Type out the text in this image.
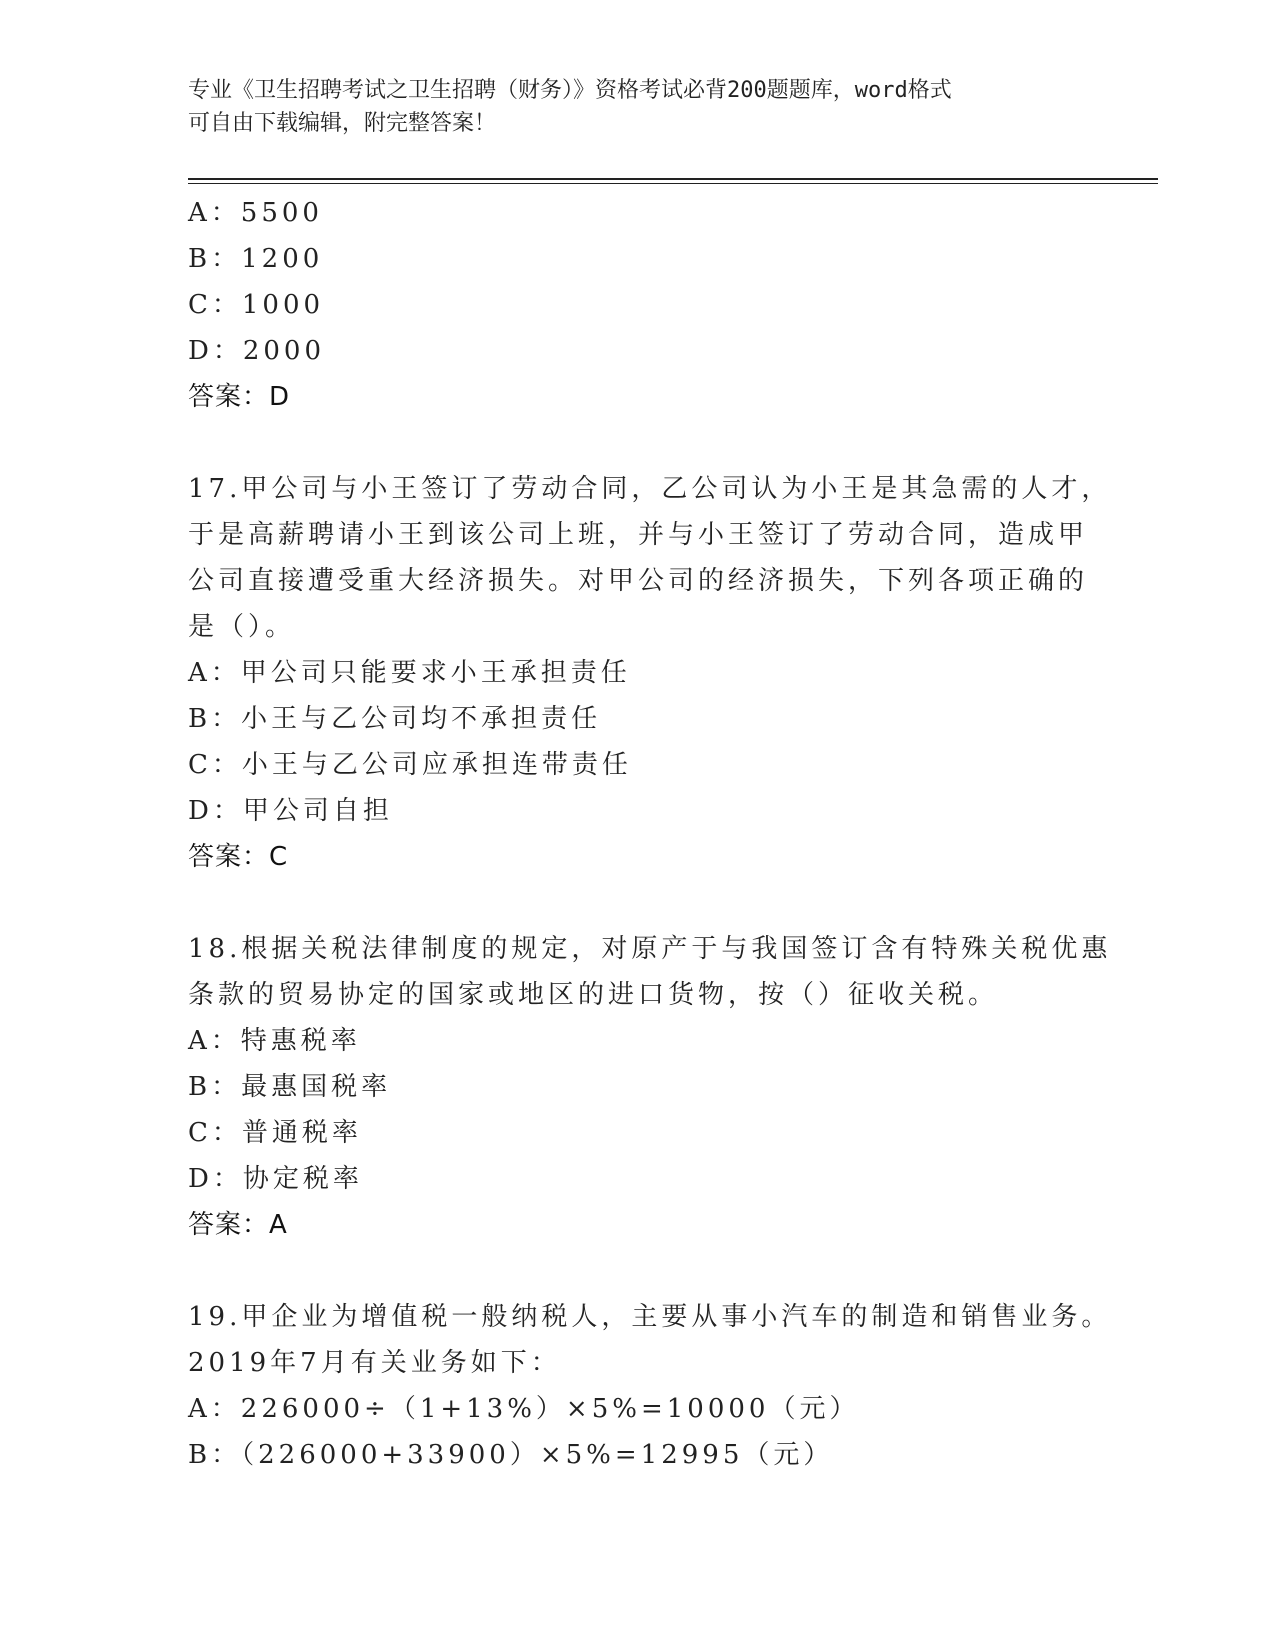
专业《卫生招聘考试之卫生招聘（财务）》资格考试必背200题题库，word格式
可自由下载编辑，附完整答案！
A：5500
B：1200
C：1000
D：2000
答案：D
17.甲公司与小王签订了劳动合同，乙公司认为小王是其急需的人才，
于是高薪聘请小王到该公司上班，并与小王签订了劳动合同，造成甲
公司直接遭受重大经济损失。对甲公司的经济损失，下列各项正确的
是（）。
A：甲公司只能要求小王承担责任
B：小王与乙公司均不承担责任
C：小王与乙公司应承担连带责任
D：甲公司自担
答案：C
18.根据关税法律制度的规定，对原产于与我国签订含有特殊关税优惠
条款的贸易协定的国家或地区的进口货物，按（）征收关税。
A：特惠税率
B：最惠国税率
C：普通税率
D：协定税率
答案：A
19.甲企业为增值税一般纳税人，主要从事小汽车的制造和销售业务。
2019年7月有关业务如下：
A：226000÷（1+13%）×5%=10000（元）
B：（226000+33900）×5%=12995（元）
